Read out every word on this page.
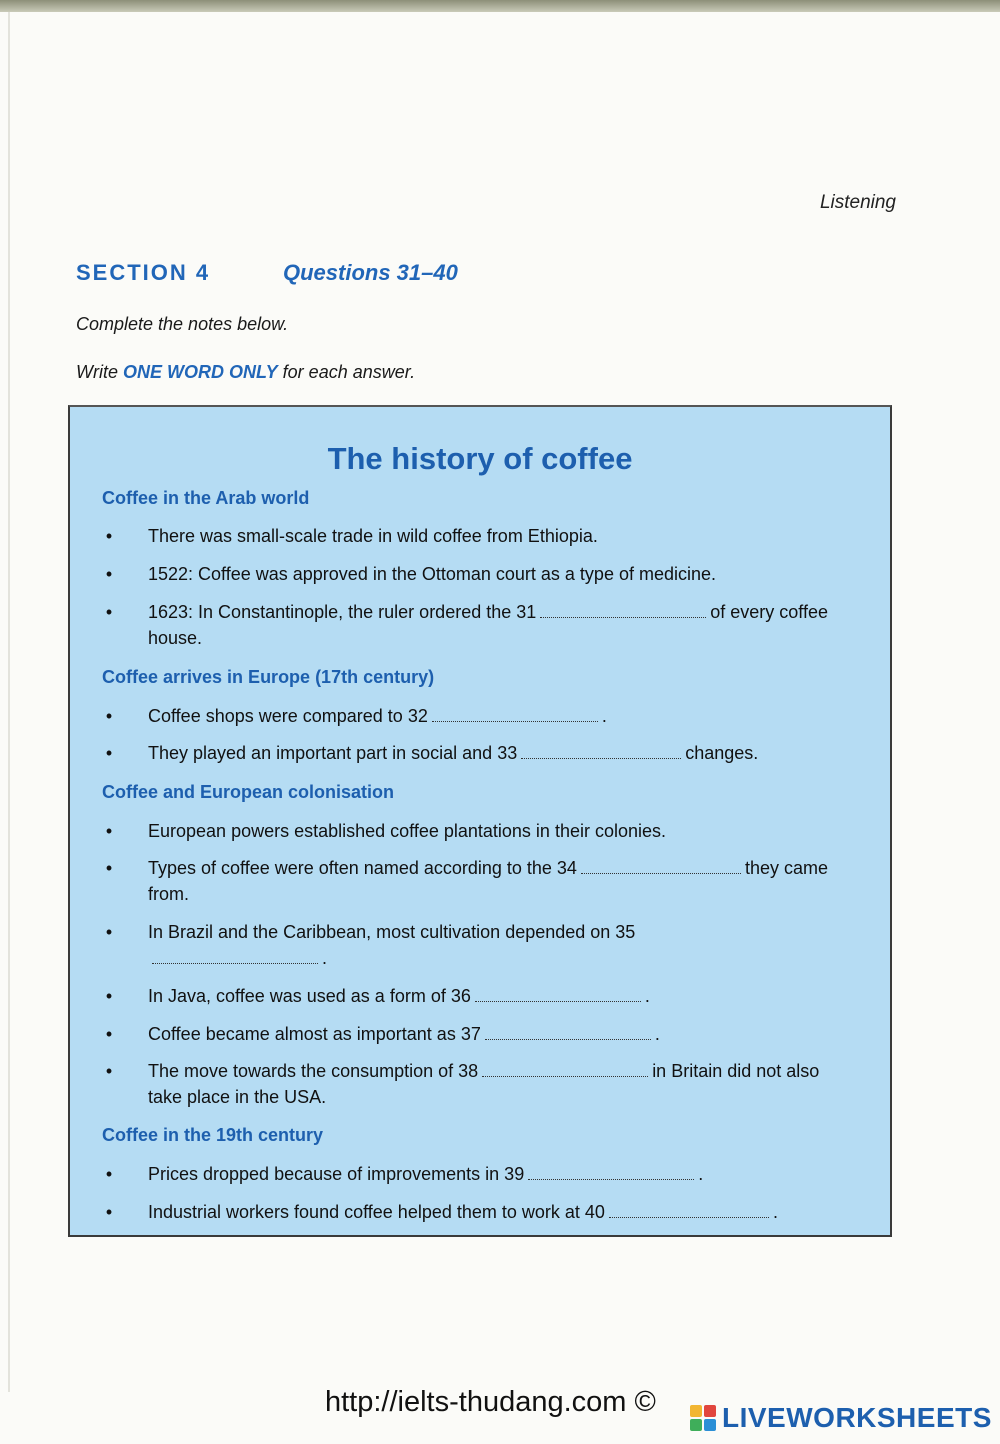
Listening
SECTION 4	Questions 31–40
Complete the notes below.
Write ONE WORD ONLY for each answer.
The history of coffee
Coffee in the Arab world
• There was small-scale trade in wild coffee from Ethiopia.
• 1522: Coffee was approved in the Ottoman court as a type of medicine.
• 1623: In Constantinople, the ruler ordered the 31	of every coffee house.
Coffee arrives in Europe (17th century)
• Coffee shops were compared to 32	.
• They played an important part in social and 33	changes.
Coffee and European colonisation
• European powers established coffee plantations in their colonies.
• Types of coffee were often named according to the 34	they came from.
• In Brazil and the Caribbean, most cultivation depended on 35.
• In Java, coffee was used as a form of 36	.
• Coffee became almost as important as 37	.
• The move towards the consumption of 38	in Britain did not also take place in the USA.
Coffee in the 19th century
• Prices dropped because of improvements in 39	.
• Industrial workers found coffee helped them to work at 40	.
http://ielts-thudang.com © LIVEWORKSHEETS
